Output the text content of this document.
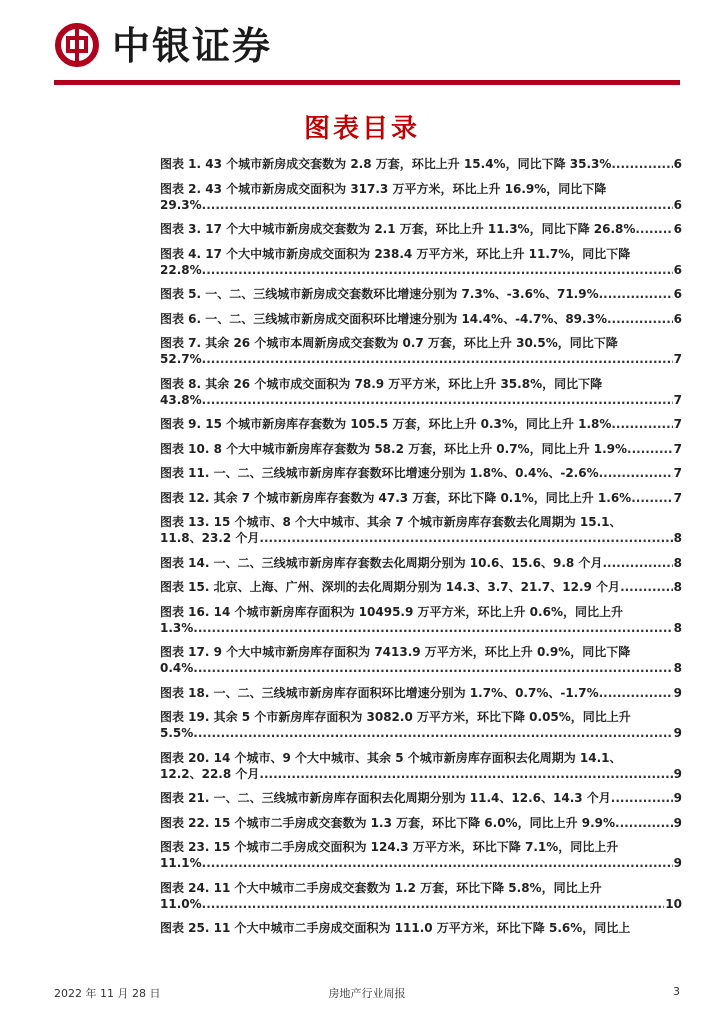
中银证券
图表目录
图表 1. 43 个城市新房成交套数为 2.8 万套，环比上升 15.4%，同比下降 35.3% .....	6
图表 2. 43 个城市新房成交面积为 317.3 万平方米，环比上升 16.9%，同比下降
29.3% .....	6
图表 3. 17 个大中城市新房成交套数为 2.1 万套，环比上升 11.3%，同比下降 26.8% .....	6
图表 4. 17 个大中城市新房成交面积为 238.4 万平方米，环比上升 11.7%，同比下降
22.8% .....	6
图表 5. 一、二、三线城市新房成交套数环比增速分别为 7.3%、-3.6%、71.9% .....	6
图表 6. 一、二、三线城市新房成交面积环比增速分别为 14.4%、-4.7%、89.3% .....	6
图表 7. 其余 26 个城市本周新房成交套数为 0.7 万套，环比上升 30.5%，同比下降
52.7% .....	7
图表 8. 其余 26 个城市成交面积为 78.9 万平方米，环比上升 35.8%，同比下降
43.8% .....	7
图表 9. 15 个城市新房库存套数为 105.5 万套，环比上升 0.3%，同比上升 1.8% .....	7
图表 10. 8 个大中城市新房库存套数为 58.2 万套，环比上升 0.7%，同比上升 1.9% .....	7
图表 11. 一、二、三线城市新房库存套数环比增速分别为 1.8%、0.4%、-2.6% .....	7
图表 12. 其余 7 个城市新房库存套数为 47.3 万套，环比下降 0.1%，同比上升 1.6% .....	7
图表 13. 15 个城市、8 个大中城市、其余 7 个城市新房库存套数去化周期为 15.1、
11.8、23.2 个月 .....	8
图表 14. 一、二、三线城市新房库存套数去化周期分别为 10.6、15.6、9.8 个月 .....	8
图表 15. 北京、上海、广州、深圳的去化周期分别为 14.3、3.7、21.7、12.9 个月 .....	8
图表 16. 14 个城市新房库存面积为 10495.9 万平方米，环比上升 0.6%，同比上升
1.3% .....	8
图表 17. 9 个大中城市新房库存面积为 7413.9 万平方米，环比上升 0.9%，同比下降
0.4% .....	8
图表 18. 一、二、三线城市新房库存面积环比增速分别为 1.7%、0.7%、-1.7% .....	9
图表 19. 其余 5 个市新房库存面积为 3082.0 万平方米，环比下降 0.05%，同比上升
5.5% .....	9
图表 20. 14 个城市、9 个大中城市、其余 5 个城市新房库存面积去化周期为 14.1、
12.2、22.8 个月 .....	9
图表 21. 一、二、三线城市新房库存面积去化周期分别为 11.4、12.6、14.3 个月 .....	9
图表 22. 15 个城市二手房成交套数为 1.3 万套，环比下降 6.0%，同比上升 9.9% .....	9
图表 23. 15 个城市二手房成交面积为 124.3 万平方米，环比下降 7.1%，同比上升
11.1% .....	9
图表 24. 11 个大中城市二手房成交套数为 1.2 万套，环比下降 5.8%，同比上升
11.0% .....	10
图表 25. 11 个大中城市二手房成交面积为 111.0 万平方米，环比下降 5.6%，同比上
2022 年 11 月 28 日	房地产行业周报	3
